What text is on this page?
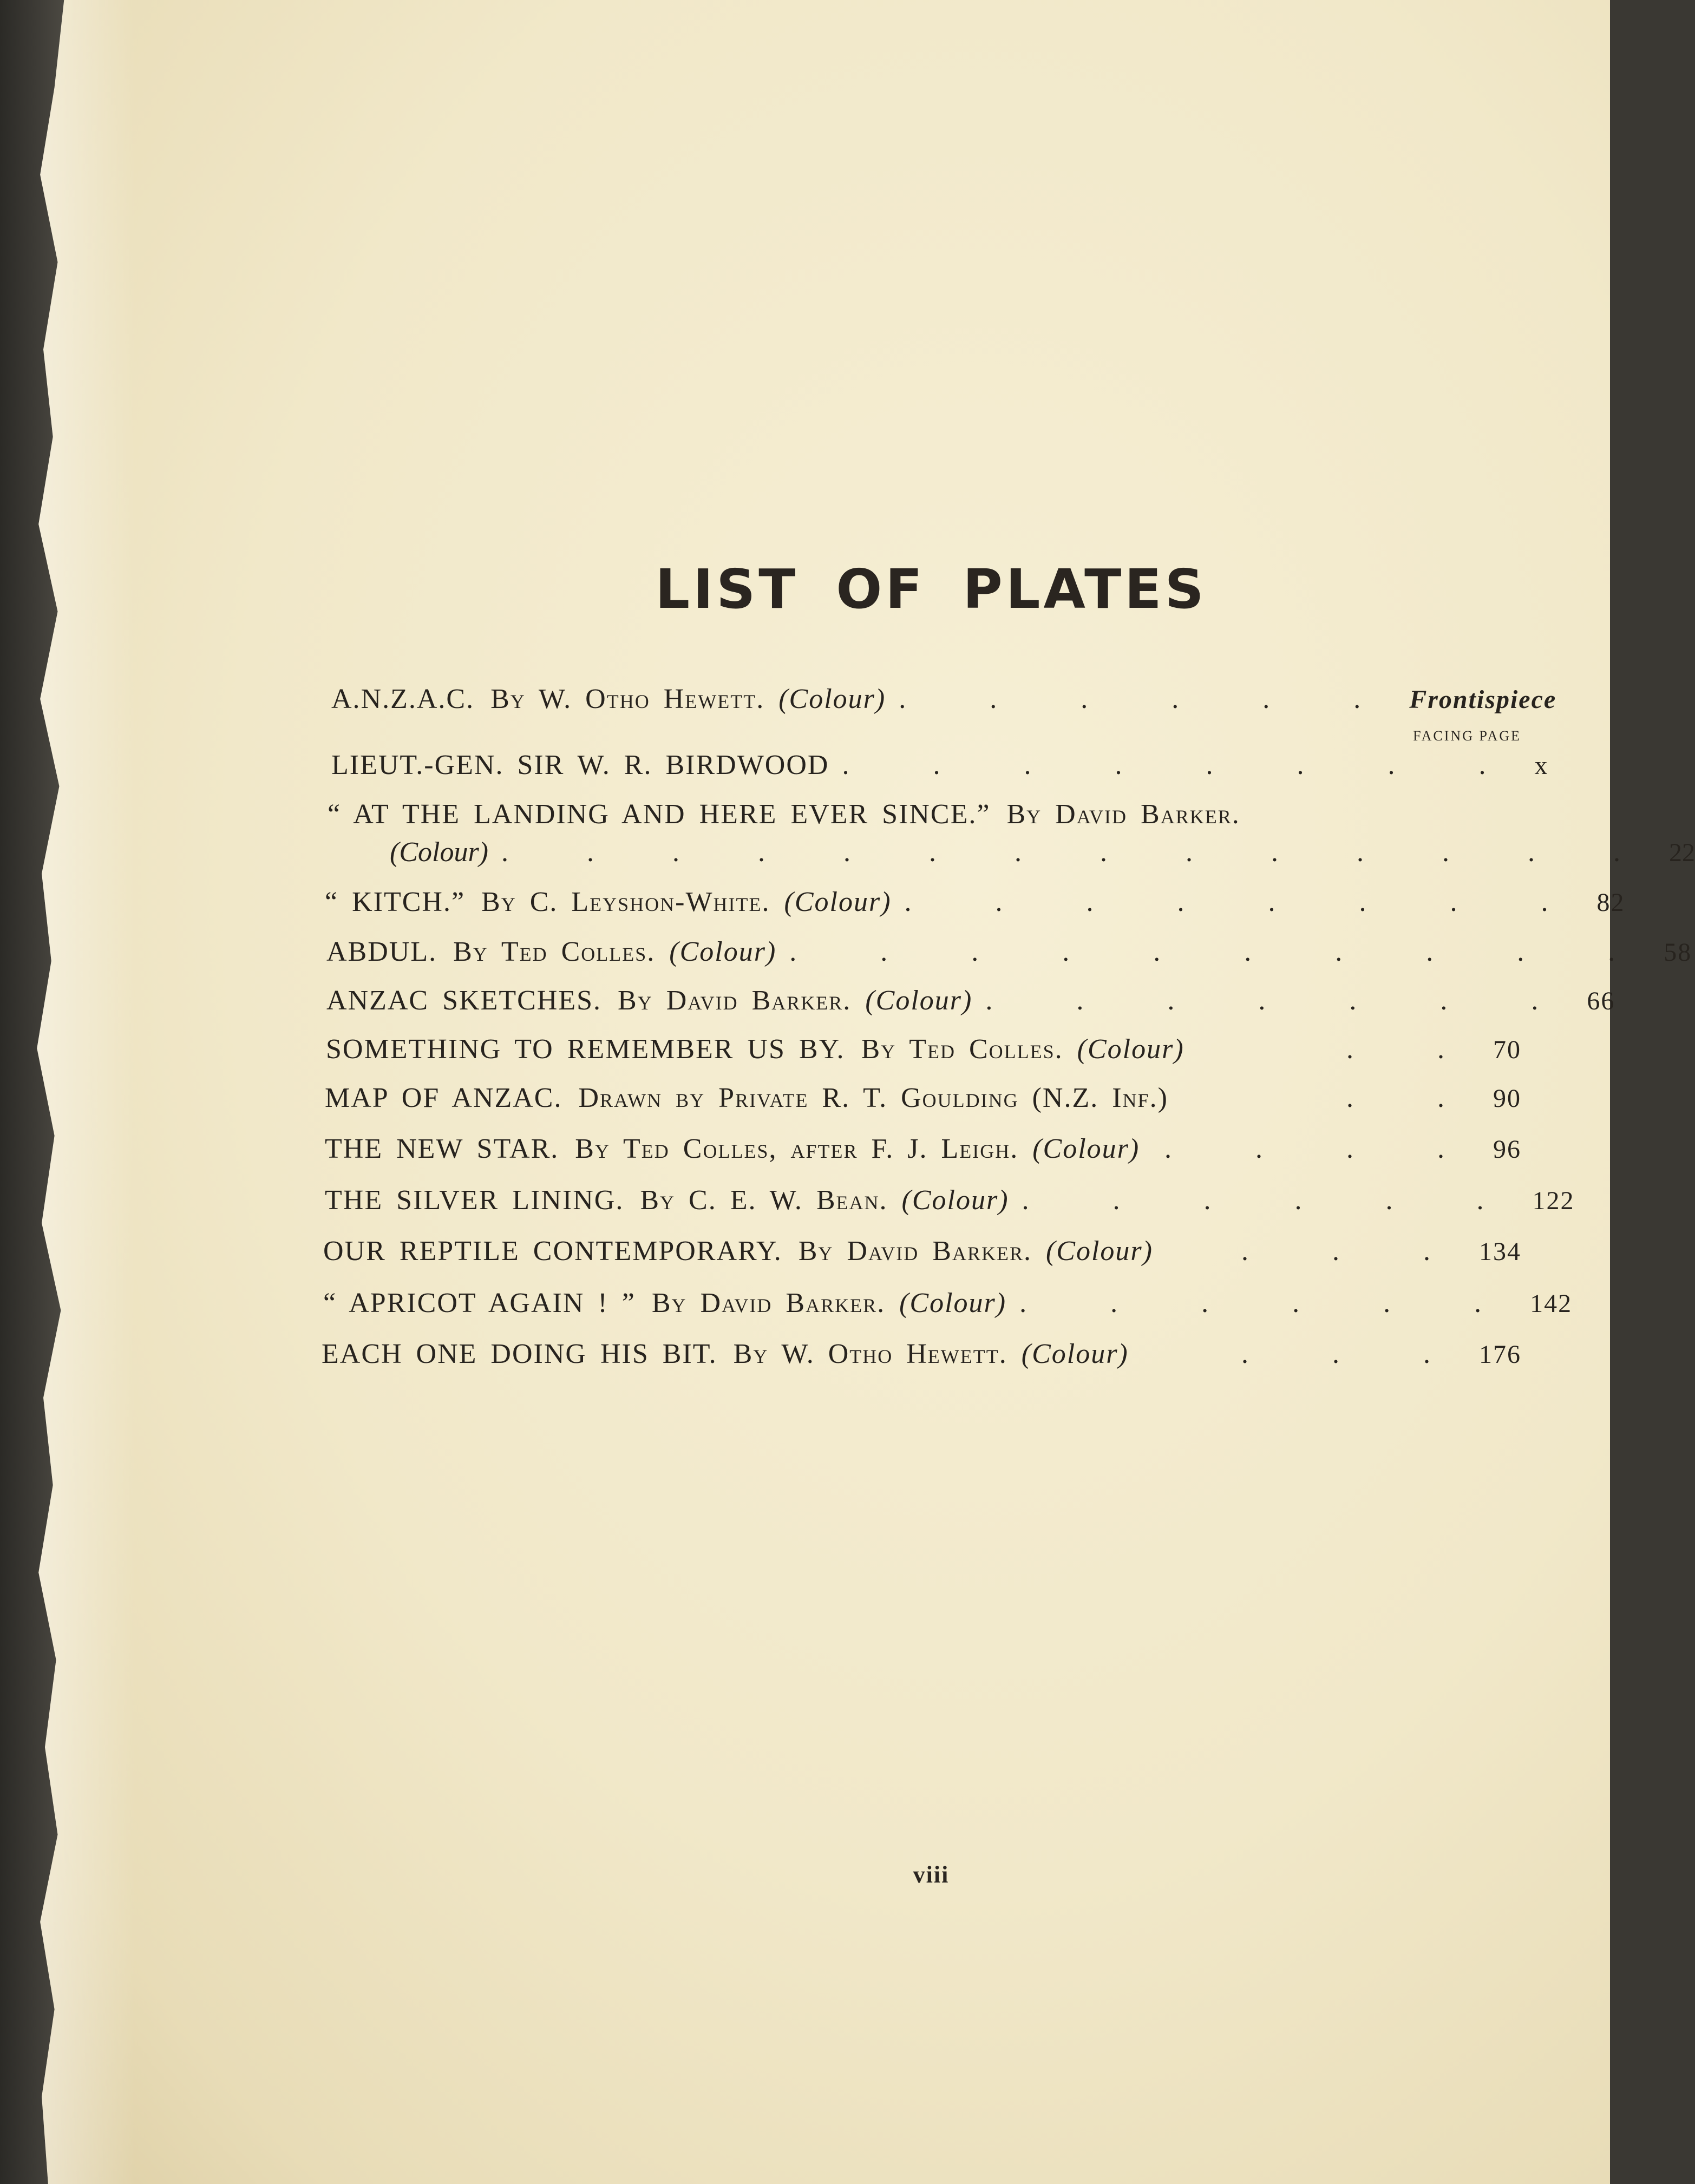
LIST OF PLATES
A.N.Z.A.C. By W. Otho Hewett. (Colour) . . . . . . Frontispiece
FACING PAGE
LIEUT.-GEN. SIR W. R. BIRDWOOD . . . . . . . . x
“ AT THE LANDING AND HERE EVER SINCE.” By David Barker.
(Colour) . . . . . . . . . . . . . . 22
“ KITCH.” By C. Leyshon-White. (Colour) . . . . . . . . 82
ABDUL. By Ted Colles. (Colour) . . . . . . . . . . 58
ANZAC SKETCHES. By David Barker. (Colour) . . . . . . . 66
SOMETHING TO REMEMBER US BY. By Ted Colles. (Colour)	. . 70
MAP OF ANZAC. Drawn by Private R. T. Goulding (N.Z. Inf.)	. . 90
THE NEW STAR. By Ted Colles, after F. J. Leigh. (Colour) . . . . 96
THE SILVER LINING. By C. E. W. Bean. (Colour) . . . . . . 122
OUR REPTILE CONTEMPORARY. By David Barker. (Colour)	. . . 134
“ APRICOT AGAIN ! ” By David Barker. (Colour) . . . . . . 142
EACH ONE DOING HIS BIT. By W. Otho Hewett. (Colour)	. . . 176
viii
